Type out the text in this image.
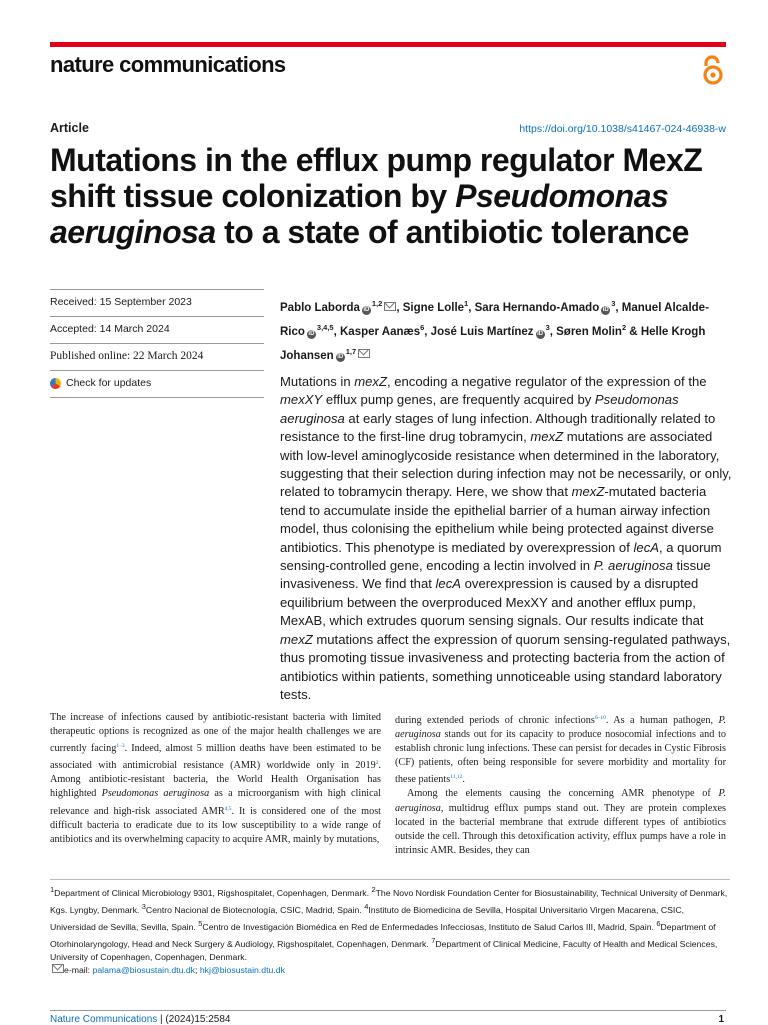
nature communications
Article	https://doi.org/10.1038/s41467-024-46938-w
Mutations in the efflux pump regulator MexZ shift tissue colonization by Pseudomonas aeruginosa to a state of antibiotic tolerance
Received: 15 September 2023
Accepted: 14 March 2024
Published online: 22 March 2024
Check for updates
Pablo Laborda iD$^{1,2}$ , Signe Lolle$^1$, Sara Hernando-Amado $iD^3$, Manuel Alcalde-Rico iD$^{3,4,5}$, Kasper Aanæs$^6$, José Luis Martínez $iD^3$, Søren Molin$^2$ & Helle Krogh Johansen iD$^{1,7}$
Mutations in mexZ, encoding a negative regulator of the expression of the mexXY efflux pump genes, are frequently acquired by Pseudomonas aeruginosa at early stages of lung infection. Although traditionally related to resistance to the first-line drug tobramycin, mexZ mutations are associated with low-level aminoglycoside resistance when determined in the laboratory, suggesting that their selection during infection may not be necessarily, or only, related to tobramycin therapy. Here, we show that mexZ-mutated bacteria tend to accumulate inside the epithelial barrier of a human airway infection model, thus colonising the epithelium while being protected against diverse antibiotics. This phenotype is mediated by overexpression of lecA, a quorum sensing-controlled gene, encoding a lectin involved in P. aeruginosa tissue invasiveness. We find that lecA overexpression is caused by a disrupted equilibrium between the overproduced MexXY and another efflux pump, MexAB, which extrudes quorum sensing signals. Our results indicate that mexZ mutations affect the expression of quorum sensing-regulated pathways, thus promoting tissue invasiveness and protecting bacteria from the action of antibiotics within patients, something unnoticeable using standard laboratory tests.

The increase of infections caused by antibiotic-resistant bacteria with limited therapeutic options is recognized as one of the major health challenges we are currently facing$^{1-3}$. Indeed, almost 5 million deaths have been estimated to be associated with antimicrobial resistance (AMR) worldwide only in 2019$^2$. Among antibiotic-resistant bacteria, the World Health Organisation has highlighted Pseudomonas aeruginosa as a microorganism with high clinical relevance and high-risk associated AMR$^{4,5}$. It is considered one of the most difficult bacteria to eradicate due to its low susceptibility to a wide range of antibiotics and its overwhelming capacity to acquire AMR, mainly by mutations,

during extended periods of chronic infections$^{6-10}$. As a human pathogen, P. aeruginosa stands out for its capacity to produce nosocomial infections and to establish chronic lung infections. These can persist for decades in Cystic Fibrosis (CF) patients, often being responsible for severe morbidity and mortality for these patients$^{11,12}$.

Among the elements causing the concerning AMR phenotype of P. aeruginosa, multidrug efflux pumps stand out. They are protein complexes located in the bacterial membrane that extrude different types of antibiotics outside the cell. Through this detoxification activity, efflux pumps have a role in intrinsic AMR. Besides, they can

$^1$Department of Clinical Microbiology 9301, Rigshospitalet, Copenhagen, Denmark. $^2$The Novo Nordisk Foundation Center for Biosustainability, Technical University of Denmark, Kgs. Lyngby, Denmark. $^3$Centro Nacional de Biotecnología, CSIC, Madrid, Spain. $^4$Instituto de Biomedicina de Sevilla, Hospital Universitario Virgen Macarena, CSIC, Universidad de Sevilla, Sevilla, Spain. $^5$Centro de Investigación Biomédica en Red de Enfermedades Infecciosas, Instituto de Salud Carlos III, Madrid, Spain. $^6$Department of Otorhinolaryngology, Head and Neck Surgery & Audiology, Rigshospitalet, Copenhagen, Denmark. $^7$Department of Clinical Medicine, Faculty of Health and Medical Sciences, University of Copenhagen, Copenhagen, Denmark.
e-mail: palama@biosustain.dtu.dk; hkj@biosustain.dtu.dk
Nature Communications | (2024)15:2584	1
